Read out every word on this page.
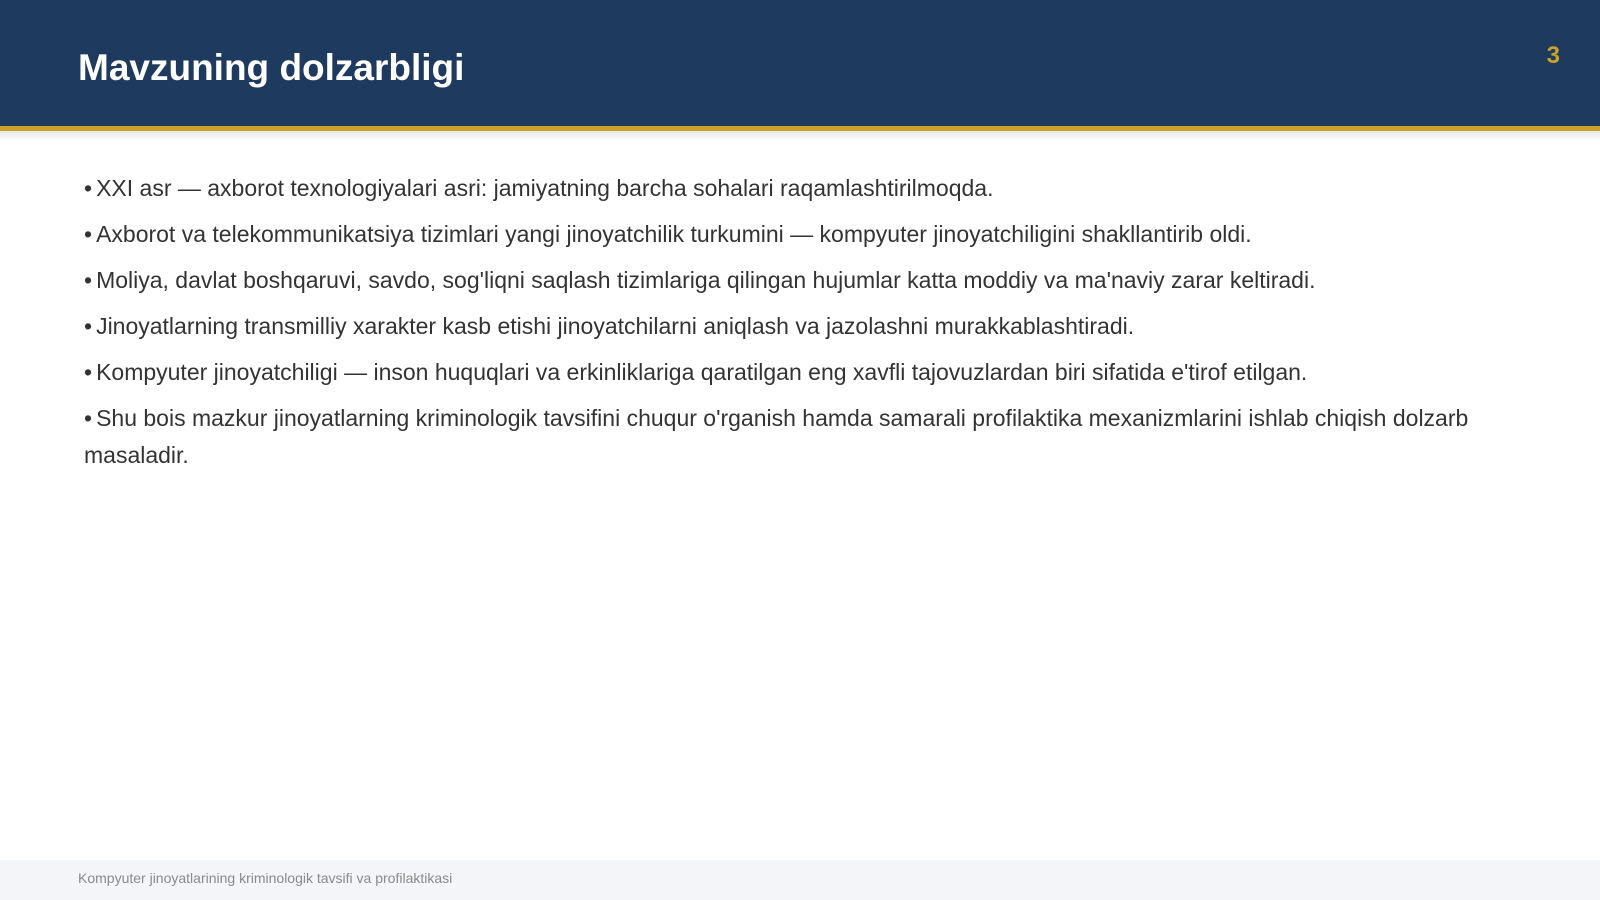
Mavzuning dolzarbligi	3
• XXI asr — axborot texnologiyalari asri: jamiyatning barcha sohalari raqamlashtirilmoqda.
• Axborot va telekommunikatsiya tizimlari yangi jinoyatchilik turkumini — kompyuter jinoyatchiligini shakllantirib oldi.
• Moliya, davlat boshqaruvi, savdo, sog'liqni saqlash tizimlariga qilingan hujumlar katta moddiy va ma'naviy zarar keltiradi.
• Jinoyatlarning transmilliy xarakter kasb etishi jinoyatchilarni aniqlash va jazolashni murakkablashtiradi.
• Kompyuter jinoyatchiligi — inson huquqlari va erkinliklariga qaratilgan eng xavfli tajovuzlardan biri sifatida e'tirof etilgan.
• Shu bois mazkur jinoyatlarning kriminologik tavsifini chuqur o'rganish hamda samarali profilaktika mexanizmlarini ishlab chiqish dolzarb masaladir.
Kompyuter jinoyatlarining kriminologik tavsifi va profilaktikasi
